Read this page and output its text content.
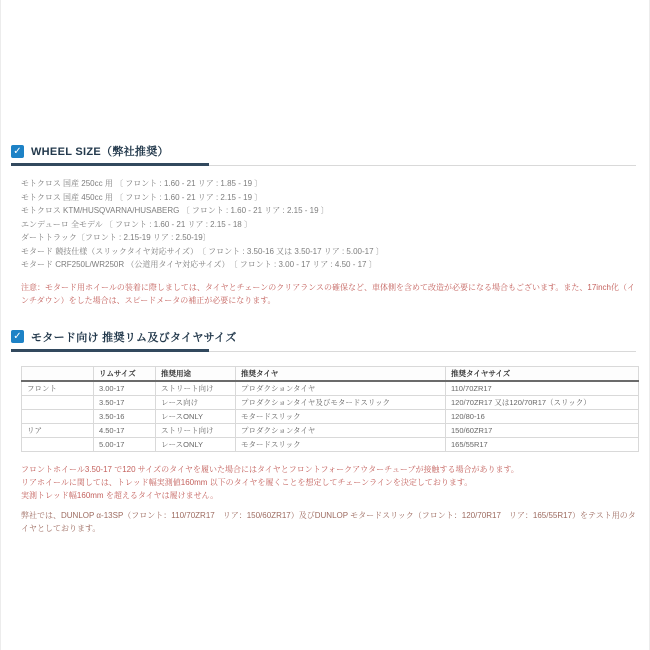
✓ WHEEL SIZE（弊社推奨）
モトクロス 国産 250cc 用 〔 フロント : 1.60 - 21 リア : 1.85 - 19 〕
モトクロス 国産 450cc 用 〔 フロント : 1.60 - 21 リア : 2.15 - 19 〕
モトクロス KTM/HUSQVARNA/HUSABERG 〔 フロント : 1.60 - 21 リア : 2.15 - 19 〕
エンデューロ 全モデル 〔 フロント : 1.60 - 21 リア : 2.15 - 18 〕
ダートトラック〔フロント : 2.15-19 リア : 2.50-19〕
モタード 競技仕様（スリックタイヤ対応サイズ）　〔 フロント : 3.50-16 又は 3.50-17 リア : 5.00-17 〕
モタード CRF250L/WR250R （公道用タイヤ対応サイズ）　〔 フロント : 3.00 - 17 リア : 4.50 - 17 〕

注意：モタード用ホイールの装着に際しましては、タイヤとチェーンのクリアランスの確保など、車体側を含めて改造が必要になる場合もございます。また、17inch化（インチダウン）をした場合は、スピードメータの補正が必要になります。

✓ モタード向け 推奨リム及びタイヤサイズ
	リムサイズ	推奨用途	推奨タイヤ	推奨タイヤサイズ
フロント	3.00-17	ストリート向け	プロダクションタイヤ	110/70ZR17
	3.50-17	レース向け	プロダクションタイヤ及びモタードスリック	120/70ZR17 又は120/70R17（スリック）
	3.50-16	レースONLY	モタードスリック	120/80-16
リア	4.50-17	ストリート向け	プロダクションタイヤ	150/60ZR17
	5.00-17	レースONLY	モタードスリック	165/55R17
フロントホイール3.50-17 で120 サイズのタイヤを履いた場合にはタイヤとフロントフォークアウターチューブが接触する場合があります。
リアホイールに関しては、トレッド幅実測値160mm 以下のタイヤを履くことを想定してチェーンラインを決定しております。
実測トレッド幅160mm を超えるタイヤは履けません。

弊社では、DUNLOP α-13SP（フロント：110/70ZR17　リア：150/60ZR17）及びDUNLOP モタードスリック（フロント：120/70R17　リア：165/55R17）をテスト用のタイヤとしております。
